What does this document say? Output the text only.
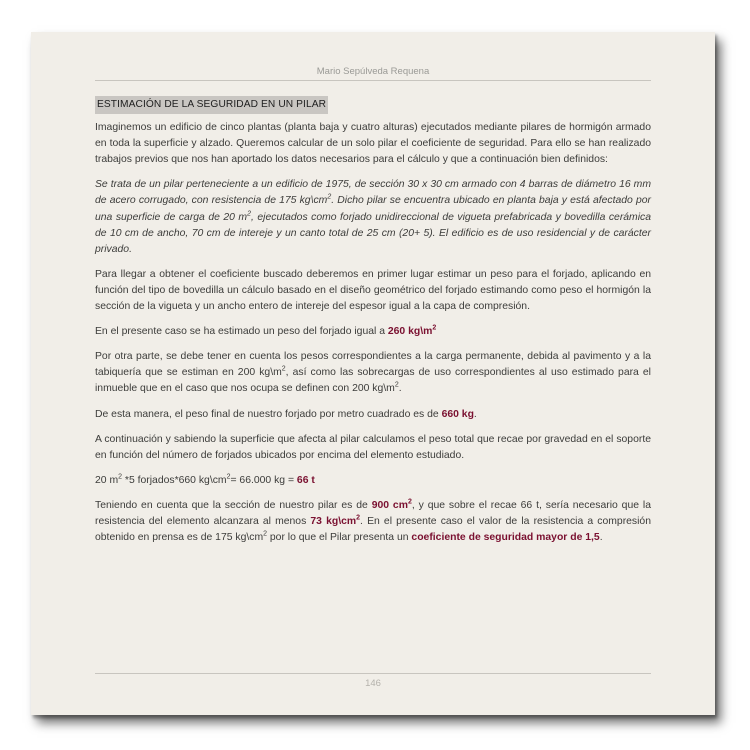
Mario Sepúlveda Requena
ESTIMACIÓN DE LA SEGURIDAD EN UN PILAR

Imaginemos un edificio de cinco plantas (planta baja y cuatro alturas) ejecutados mediante pilares de hormigón armado en toda la superficie y alzado. Queremos calcular de un solo pilar el coeficiente de seguridad. Para ello se han realizado trabajos previos que nos han aportado los datos necesarios para el cálculo y que a continuación bien definidos:

Se trata de un pilar perteneciente a un edificio de 1975, de sección 30 x 30 cm armado con 4 barras de diámetro 16 mm de acero corrugado, con resistencia de 175 $kg\backslash cm^2$. Dicho pilar se encuentra ubicado en planta baja y está afectado por una superficie de carga de 20 $m^2$, ejecutados como forjado unidireccional de vigueta prefabricada y bovedilla cerámica de 10 cm de ancho, 70 cm de intereje y un canto total de 25 cm (20+ 5). El edificio es de uso residencial y de carácter privado.

Para llegar a obtener el coeficiente buscado deberemos en primer lugar estimar un peso para el forjado, aplicando en función del tipo de bovedilla un cálculo basado en el diseño geométrico del forjado estimando como peso el hormigón la sección de la vigueta y un ancho entero de intereje del espesor igual a la capa de compresión.

En el presente caso se ha estimado un peso del forjado igual a 260 $kg\backslash m^2$

Por otra parte, se debe tener en cuenta los pesos correspondientes a la carga permanente, debida al pavimento y a la tabiquería que se estiman en 200 $kg\backslash m^2$, así como las sobrecargas de uso correspondientes al uso estimado para el inmueble que en el caso que nos ocupa se definen con 200 $kg\backslash m^2$.

De esta manera, el peso final de nuestro forjado por metro cuadrado es de 660 kg.

A continuación y sabiendo la superficie que afecta al pilar calculamos el peso total que recae por gravedad en el soporte en función del número de forjados ubicados por encima del elemento estudiado.

20 $m^2$ *5 forjados*660 $kg\backslash cm^2= 66.000$ kg = 66 t

Teniendo en cuenta que la sección de nuestro pilar es de 900 $cm^2$, y que sobre el recae 66 t, sería necesario que la resistencia del elemento alcanzara al menos 73 $kg\backslash cm^2$. En el presente caso el valor de la resistencia a compresión obtenido en prensa es de 175 $kg\backslash cm^2$ por lo que el Pilar presenta un coeficiente de seguridad mayor de 1,5.

146
